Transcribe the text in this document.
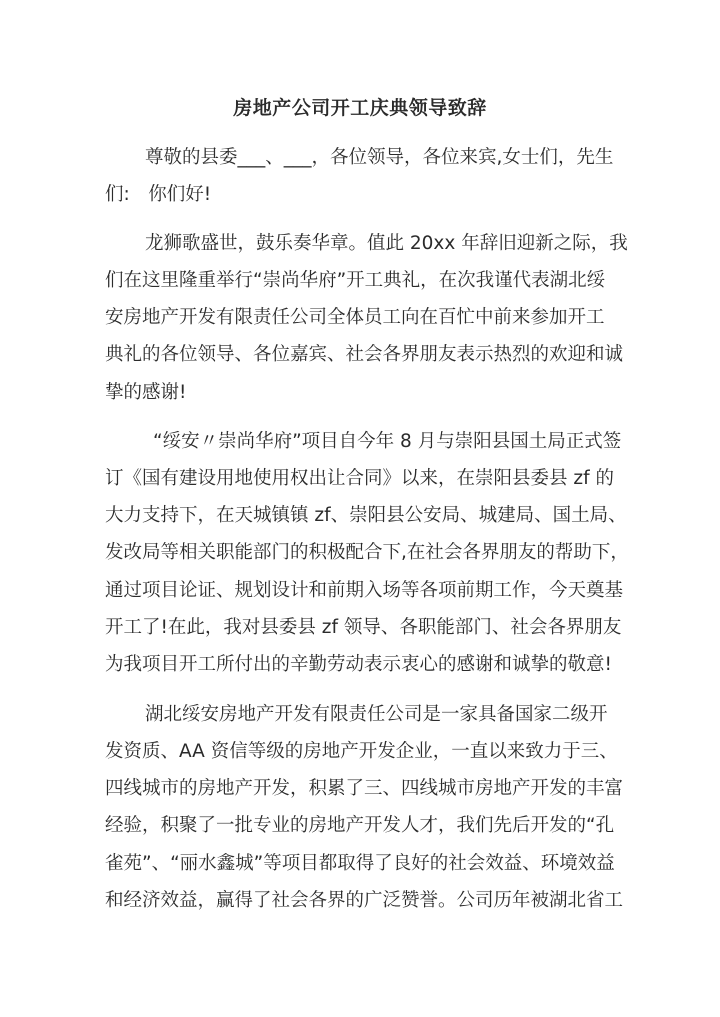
房地产公司开工庆典领导致辞
尊敬的县委___、___，各位领导，各位来宾,女士们，先生
们:　你们好!
龙狮歌盛世，鼓乐奏华章。值此 20xx 年辞旧迎新之际，我
们在这里隆重举行“崇尚华府”开工典礼，在次我谨代表湖北绥
安房地产开发有限责任公司全体员工向在百忙中前来参加开工
典礼的各位领导、各位嘉宾、社会各界朋友表示热烈的欢迎和诚
挚的感谢!
“绥安〃崇尚华府”项目自今年 8 月与崇阳县国土局正式签
订《国有建设用地使用权出让合同》以来，在崇阳县委县 zf 的
大力支持下，在天城镇镇 zf、崇阳县公安局、城建局、国土局、
发改局等相关职能部门的积极配合下,在社会各界朋友的帮助下，
通过项目论证、规划设计和前期入场等各项前期工作，今天奠基
开工了!在此，我对县委县 zf 领导、各职能部门、社会各界朋友
为我项目开工所付出的辛勤劳动表示衷心的感谢和诚挚的敬意!
湖北绥安房地产开发有限责任公司是一家具备国家二级开
发资质、AA 资信等级的房地产开发企业，一直以来致力于三、
四线城市的房地产开发，积累了三、四线城市房地产开发的丰富
经验，积聚了一批专业的房地产开发人才，我们先后开发的“孔
雀苑”、“丽水鑫城”等项目都取得了良好的社会效益、环境效益
和经济效益，赢得了社会各界的广泛赞誉。公司历年被湖北省工
